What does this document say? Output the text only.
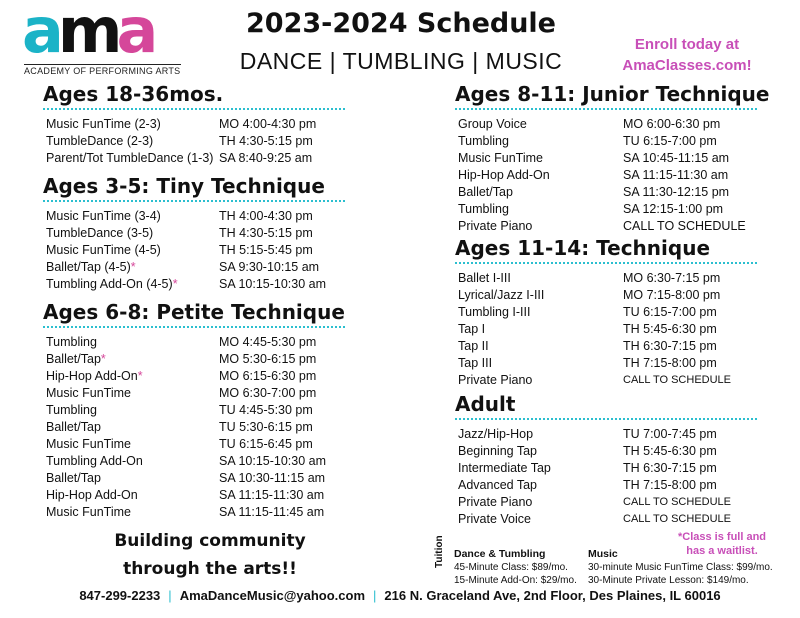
ama
ACADEMY OF PERFORMING ARTS
2023-2024 Schedule
DANCE | TUMBLING | MUSIC
Enroll today at
AmaClasses.com!
Ages 18-36mos.
Music FunTime (2-3)	MO 4:00-4:30 pm
TumbleDance (2-3)	TH 4:30-5:15 pm
Parent/Tot TumbleDance (1-3) SA 8:40-9:25 am
Ages 3-5: Tiny Technique
Music FunTime (3-4)	TH 4:00-4:30 pm
TumbleDance (3-5)	TH 4:30-5:15 pm
Music FunTime (4-5)	TH 5:15-5:45 pm
Ballet/Tap (4-5)*	SA 9:30-10:15 am
Tumbling Add-On (4-5)*	SA 10:15-10:30 am
Ages 6-8: Petite Technique
Tumbling	MO 4:45-5:30 pm
Ballet/Tap*	MO 5:30-6:15 pm
Hip-Hop Add-On*	MO 6:15-6:30 pm
Music FunTime	MO 6:30-7:00 pm
Tumbling	TU 4:45-5:30 pm
Ballet/Tap	TU 5:30-6:15 pm
Music FunTime	TU 6:15-6:45 pm
Tumbling Add-On	SA 10:15-10:30 am
Ballet/Tap	SA 10:30-11:15 am
Hip-Hop Add-On	SA 11:15-11:30 am
Music FunTime	SA 11:15-11:45 am
Ages 8-11: Junior Technique
Group Voice	MO 6:00-6:30 pm
Tumbling	TU 6:15-7:00 pm
Music FunTime	SA 10:45-11:15 am
Hip-Hop Add-On	SA 11:15-11:30 am
Ballet/Tap	SA 11:30-12:15 pm
Tumbling	SA 12:15-1:00 pm
Private Piano	CALL TO SCHEDULE
Ages 11-14: Technique
Ballet I-III	MO 6:30-7:15 pm
Lyrical/Jazz I-III	MO 7:15-8:00 pm
Tumbling I-III	TU 6:15-7:00 pm
Tap I	TH 5:45-6:30 pm
Tap II	TH 6:30-7:15 pm
Tap III	TH 7:15-8:00 pm
Private Piano	CALL TO SCHEDULE
Adult
Jazz/Hip-Hop	TU 7:00-7:45 pm
Beginning Tap	TH 5:45-6:30 pm
Intermediate Tap	TH 6:30-7:15 pm
Advanced Tap	TH 7:15-8:00 pm
Private Piano	CALL TO SCHEDULE
Private Voice	CALL TO SCHEDULE
Building community
through the arts!!
Tuition Dance & Tumbling
45-Minute Class: $89/mo.
15-Minute Add-On: $29/mo.
Music
30-minute Music FunTime Class: $99/mo.
30-Minute Private Lesson: $149/mo.
*Class is full and
has a waitlist.
847-299-2233 | AmaDanceMusic@yahoo.com | 216 N. Graceland Ave, 2nd Floor, Des Plaines, IL 60016
